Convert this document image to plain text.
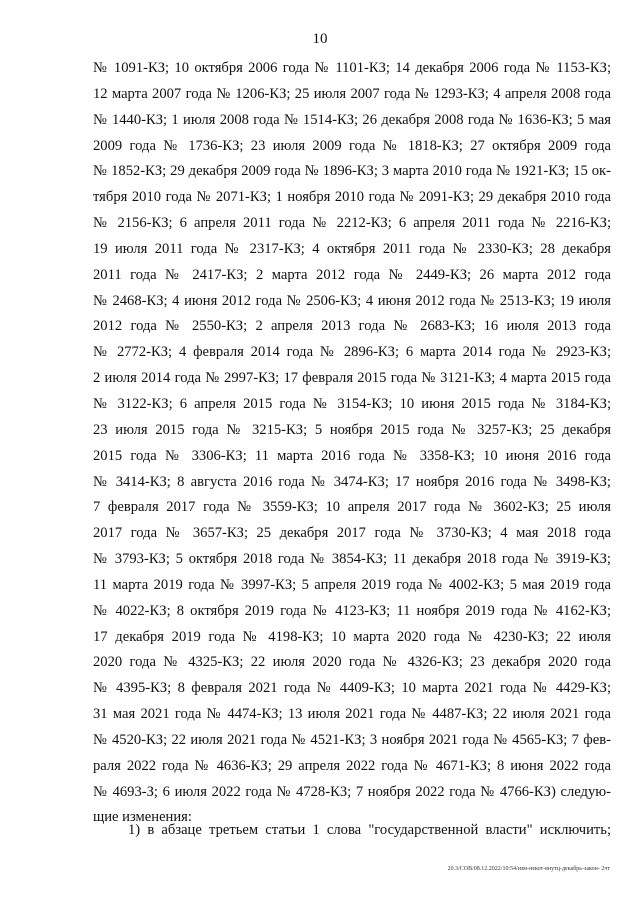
10
№ 1091-КЗ; 10 октября 2006 года № 1101-КЗ; 14 декабря 2006 года № 1153-КЗ;
12 марта 2007 года № 1206-КЗ; 25 июля 2007 года № 1293-КЗ; 4 апреля 2008 года
№ 1440-КЗ; 1 июля 2008 года № 1514-КЗ; 26 декабря 2008 года № 1636-КЗ; 5 мая
2009 года № 1736-КЗ; 23 июля 2009 года № 1818-КЗ; 27 октября 2009 года
№ 1852-КЗ; 29 декабря 2009 года № 1896-КЗ; 3 марта 2010 года № 1921-КЗ; 15 ок-
тября 2010 года № 2071-КЗ; 1 ноября 2010 года № 2091-КЗ; 29 декабря 2010 года
№ 2156-КЗ; 6 апреля 2011 года № 2212-КЗ; 6 апреля 2011 года № 2216-КЗ;
19 июля 2011 года № 2317-КЗ; 4 октября 2011 года № 2330-КЗ; 28 декабря
2011 года № 2417-КЗ; 2 марта 2012 года № 2449-КЗ; 26 марта 2012 года
№ 2468-КЗ; 4 июня 2012 года № 2506-КЗ; 4 июня 2012 года № 2513-КЗ; 19 июля
2012 года № 2550-КЗ; 2 апреля 2013 года № 2683-КЗ; 16 июля 2013 года
№ 2772-КЗ; 4 февраля 2014 года № 2896-КЗ; 6 марта 2014 года № 2923-КЗ;
2 июля 2014 года № 2997-КЗ; 17 февраля 2015 года № 3121-КЗ; 4 марта 2015 года
№ 3122-КЗ; 6 апреля 2015 года № 3154-КЗ; 10 июня 2015 года № 3184-КЗ;
23 июля 2015 года № 3215-КЗ; 5 ноября 2015 года № 3257-КЗ; 25 декабря
2015 года № 3306-КЗ; 11 марта 2016 года № 3358-КЗ; 10 июня 2016 года
№ 3414-КЗ; 8 августа 2016 года № 3474-КЗ; 17 ноября 2016 года № 3498-КЗ;
7 февраля 2017 года № 3559-КЗ; 10 апреля 2017 года № 3602-КЗ; 25 июля
2017 года № 3657-КЗ; 25 декабря 2017 года № 3730-КЗ; 4 мая 2018 года
№ 3793-КЗ; 5 октября 2018 года № 3854-КЗ; 11 декабря 2018 года № 3919-КЗ;
11 марта 2019 года № 3997-КЗ; 5 апреля 2019 года № 4002-КЗ; 5 мая 2019 года
№ 4022-КЗ; 8 октября 2019 года № 4123-КЗ; 11 ноября 2019 года № 4162-КЗ;
17 декабря 2019 года № 4198-КЗ; 10 марта 2020 года № 4230-КЗ; 22 июля
2020 года № 4325-КЗ; 22 июля 2020 года № 4326-КЗ; 23 декабря 2020 года
№ 4395-КЗ; 8 февраля 2021 года № 4409-КЗ; 10 марта 2021 года № 4429-КЗ;
31 мая 2021 года № 4474-КЗ; 13 июля 2021 года № 4487-КЗ; 22 июля 2021 года
№ 4520-КЗ; 22 июля 2021 года № 4521-КЗ; 3 ноября 2021 года № 4565-КЗ; 7 фев-
раля 2022 года № 4636-КЗ; 29 апреля 2022 года № 4671-КЗ; 8 июня 2022 года
№ 4693-З; 6 июля 2022 года № 4728-КЗ; 7 ноября 2022 года № 4766-КЗ) следую-
щие изменения:
1) в абзаце третьем статьи 1 слова "государственной власти" исключить;
20.3/СОВ/08.12.2022/10:54/изм-некот-внутц-декабрь-закон- 2чт
